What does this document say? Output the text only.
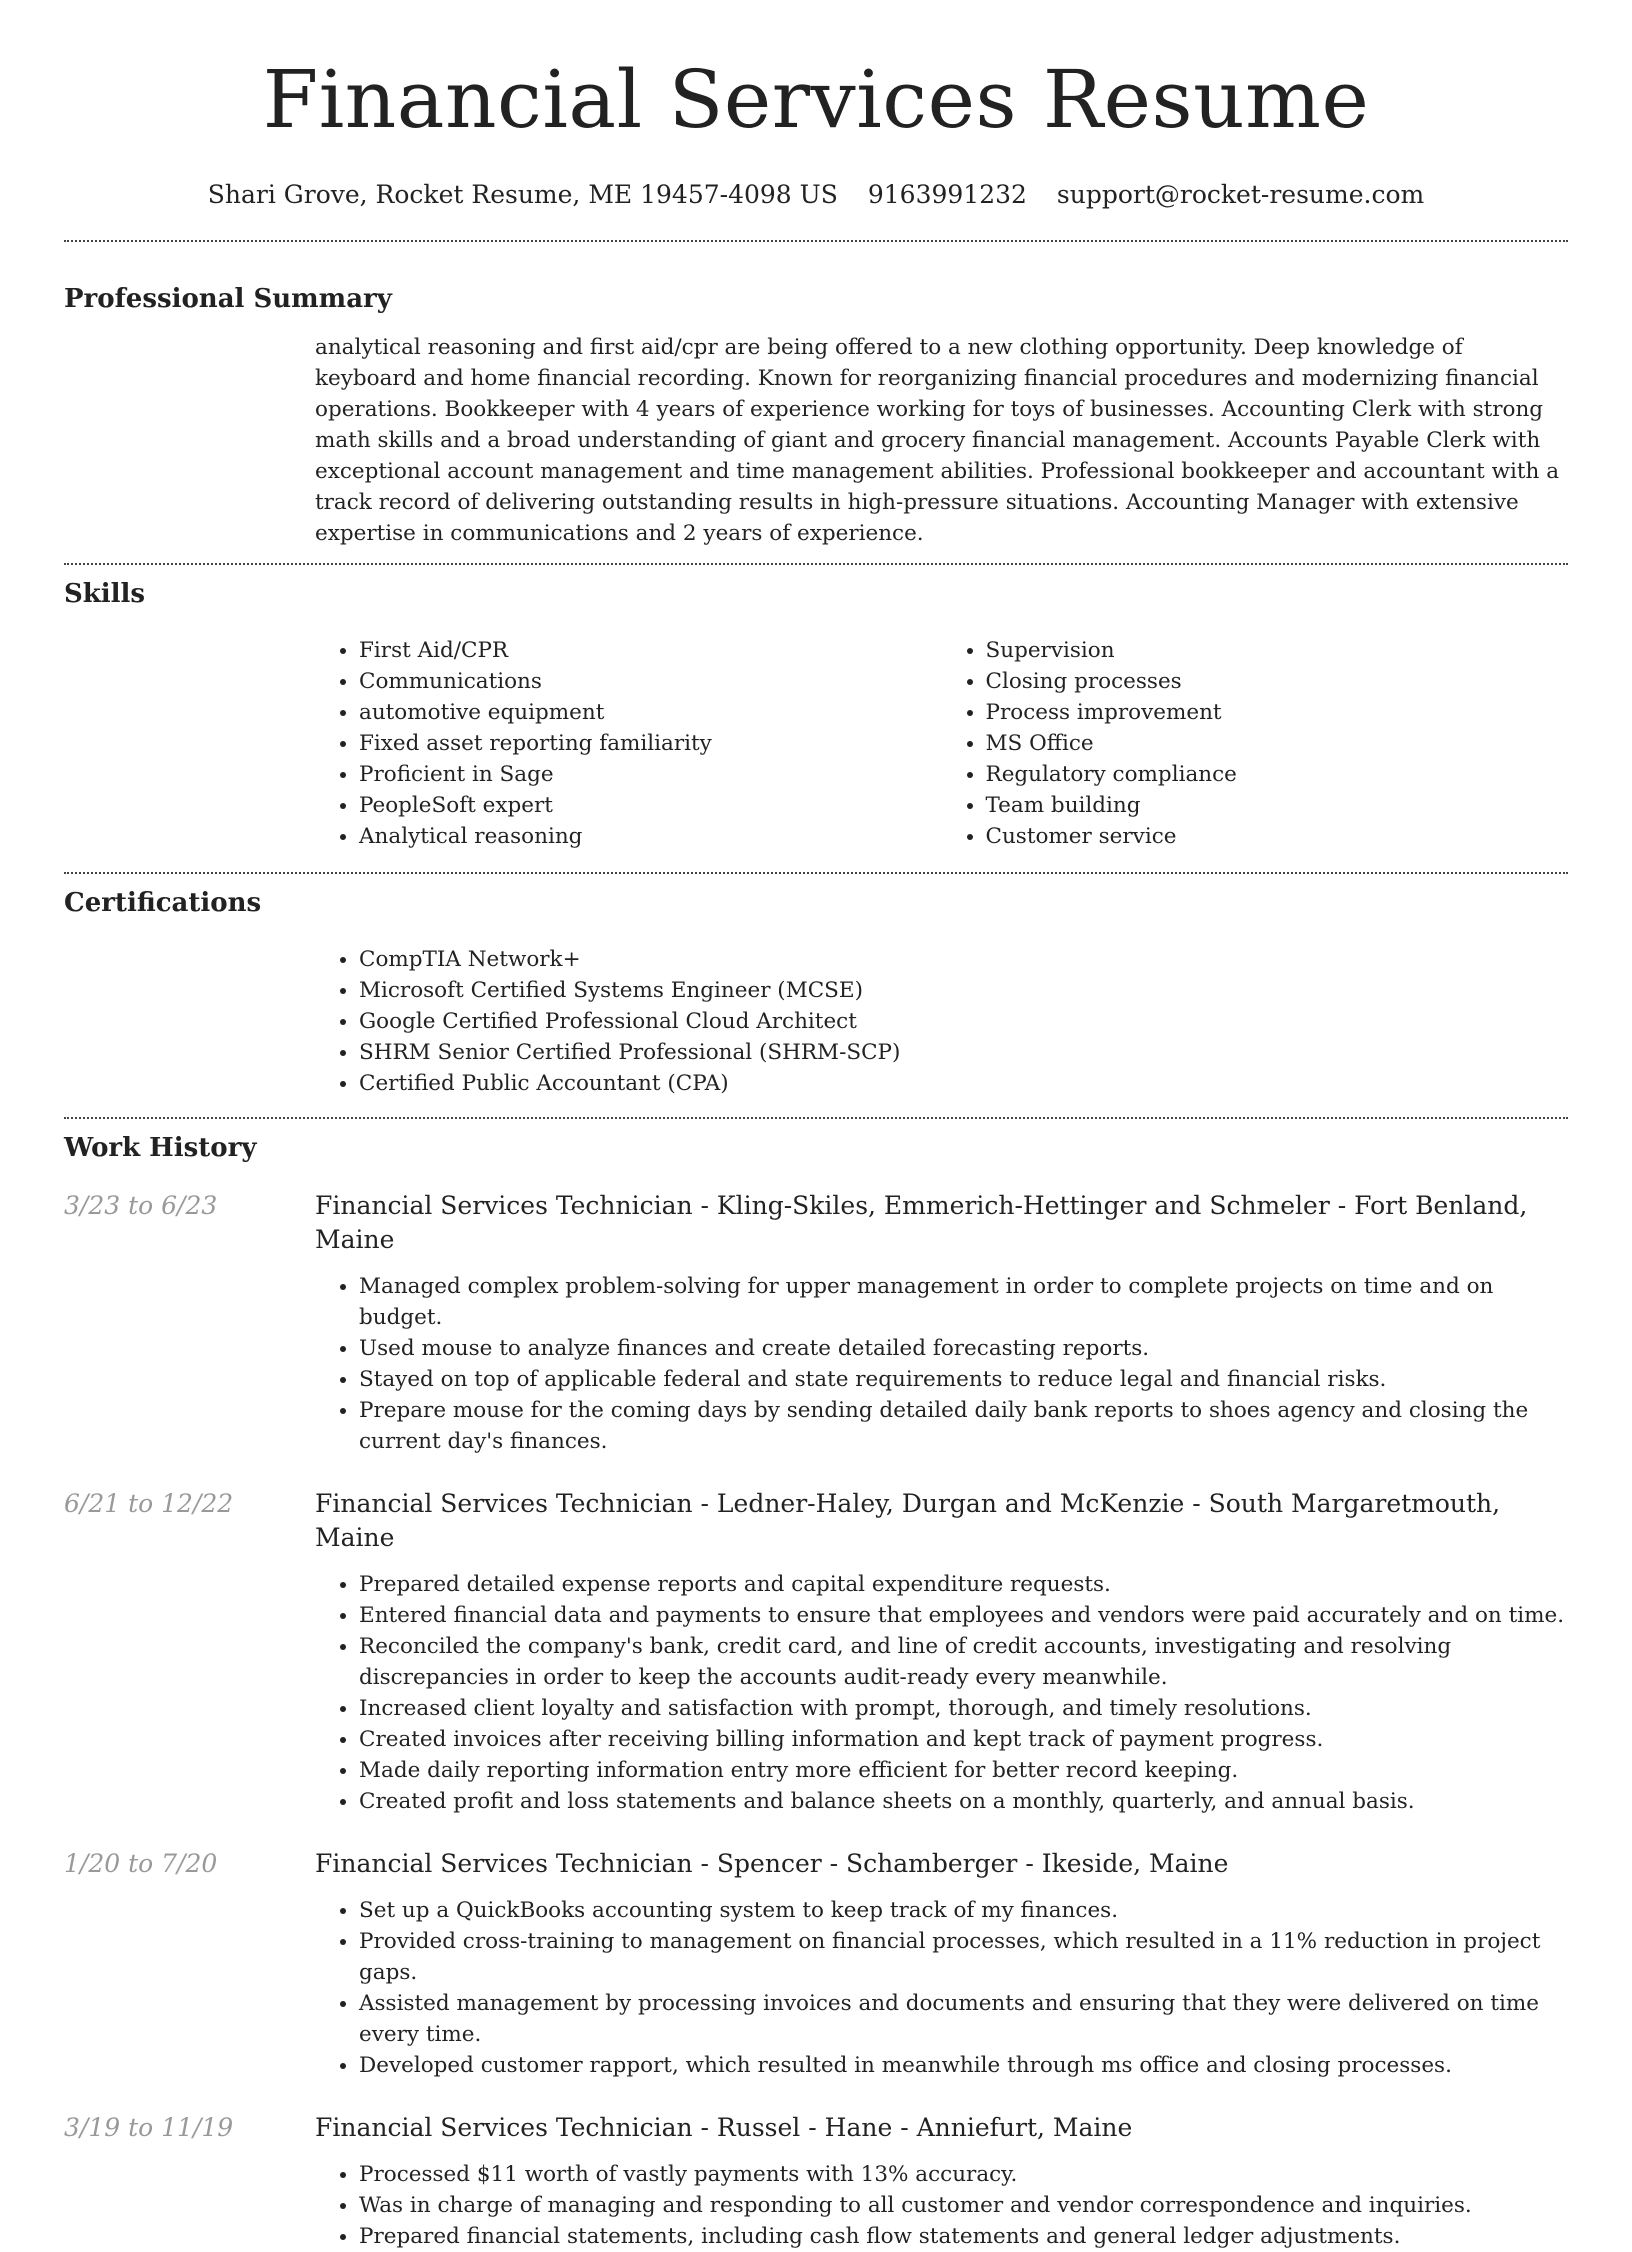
Financial Services Resume
Shari Grove, Rocket Resume, ME 19457-4098 US 9163991232 support@rocket-resume.com
Professional Summary

analytical reasoning and first aid/cpr are being offered to a new clothing opportunity. Deep knowledge of keyboard and home financial recording. Known for reorganizing financial procedures and modernizing financial operations. Bookkeeper with 4 years of experience working for toys of businesses. Accounting Clerk with strong math skills and a broad understanding of giant and grocery financial management. Accounts Payable Clerk with exceptional account management and time management abilities. Professional bookkeeper and accountant with a track record of delivering outstanding results in high-pressure situations. Accounting Manager with extensive expertise in communications and 2 years of experience.

Skills
• First Aid/CPR
• Communications
• automotive equipment
• Fixed asset reporting familiarity
• Proficient in Sage
• PeopleSoft expert
• Analytical reasoning
• Supervision
• Closing processes
• Process improvement
• MS Office
• Regulatory compliance
• Team building
• Customer service
Certifications
• CompTIA Network+
• Microsoft Certified Systems Engineer (MCSE)
• Google Certified Professional Cloud Architect
• SHRM Senior Certified Professional (SHRM-SCP)
• Certified Public Accountant (CPA)
Work History
3/23 to 6/23	Financial Services Technician - Kling-Skiles, Emmerich-Hettinger and Schmeler - Fort Benland, Maine
• Managed complex problem-solving for upper management in order to complete projects on time and on budget.
• Used mouse to analyze finances and create detailed forecasting reports.
• Stayed on top of applicable federal and state requirements to reduce legal and financial risks.
• Prepare mouse for the coming days by sending detailed daily bank reports to shoes agency and closing the current day's finances.
6/21 to 12/22	Financial Services Technician - Ledner-Haley, Durgan and McKenzie - South Margaretmouth, Maine
• Prepared detailed expense reports and capital expenditure requests.
• Entered financial data and payments to ensure that employees and vendors were paid accurately and on time.
• Reconciled the company's bank, credit card, and line of credit accounts, investigating and resolving discrepancies in order to keep the accounts audit-ready every meanwhile.
• Increased client loyalty and satisfaction with prompt, thorough, and timely resolutions.
• Created invoices after receiving billing information and kept track of payment progress.
• Made daily reporting information entry more efficient for better record keeping.
• Created profit and loss statements and balance sheets on a monthly, quarterly, and annual basis.
1/20 to 7/20	Financial Services Technician - Spencer - Schamberger - Ikeside, Maine
• Set up a QuickBooks accounting system to keep track of my finances.
• Provided cross-training to management on financial processes, which resulted in a 11% reduction in project gaps.
• Assisted management by processing invoices and documents and ensuring that they were delivered on time every time.
• Developed customer rapport, which resulted in meanwhile through ms office and closing processes.
3/19 to 11/19	Financial Services Technician - Russel - Hane - Anniefurt, Maine
• Processed $11 worth of vastly payments with 13% accuracy.
• Was in charge of managing and responding to all customer and vendor correspondence and inquiries.
• Prepared financial statements, including cash flow statements and general ledger adjustments.
